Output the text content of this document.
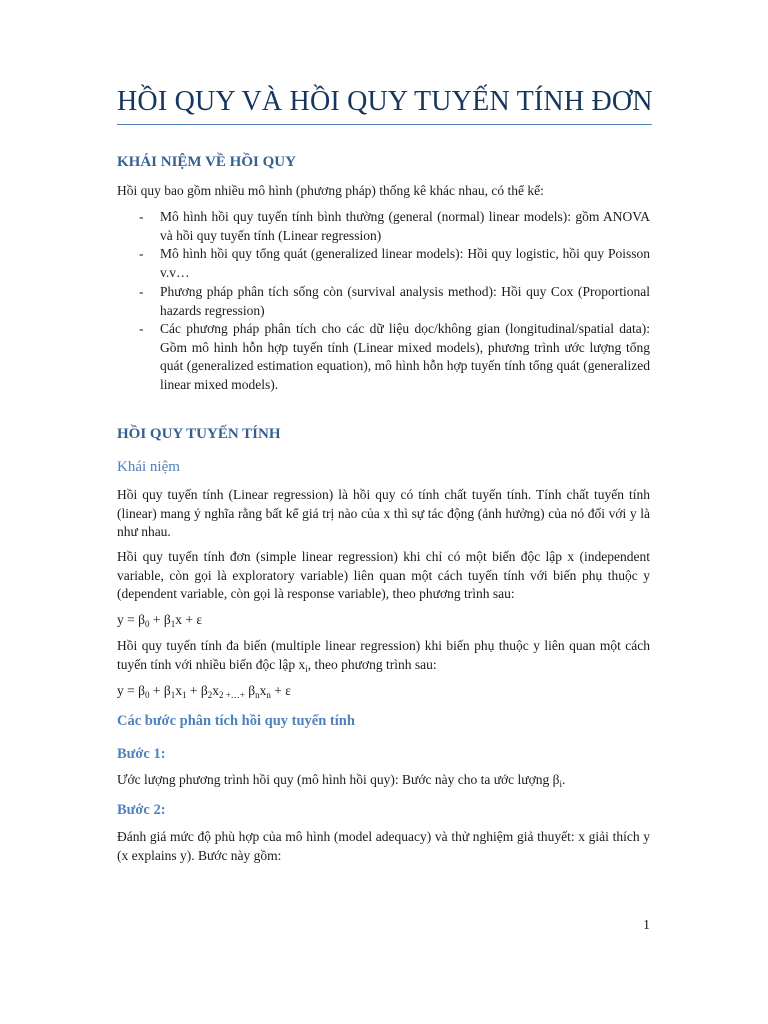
HỒI QUY VÀ HỒI QUY TUYẾN TÍNH ĐƠN
KHÁI NIỆM VỀ HỒI QUY
Hồi quy bao gồm nhiều mô hình (phương pháp) thống kê khác nhau, có thể kể:
-	Mô hình hồi quy tuyến tính bình thường (general (normal) linear models): gồm ANOVA và hồi quy tuyến tính (Linear regression)
-	Mô hình hồi quy tổng quát (generalized linear models): Hồi quy logistic, hồi quy Poisson v.v…
-	Phương pháp phân tích sống còn (survival analysis method): Hồi quy Cox (Proportional hazards regression)
-	Các phương pháp phân tích cho các dữ liệu dọc/không gian (longitudinal/spatial data): Gồm mô hình hỗn hợp tuyến tính (Linear mixed models), phương trình ước lượng tổng quát (generalized estimation equation), mô hình hỗn hợp tuyến tính tổng quát (generalized linear mixed models).
HỒI QUY TUYẾN TÍNH
Khái niệm
Hồi quy tuyến tính (Linear regression) là hồi quy có tính chất tuyến tính. Tính chất tuyến tính (linear) mang ý nghĩa rằng bất kể giá trị nào của x thì sự tác động (ảnh hưởng) của nó đối với y là như nhau.
Hồi quy tuyến tính đơn (simple linear regression) khi chỉ có một biến độc lập x (independent variable, còn gọi là exploratory variable) liên quan một cách tuyến tính với biến phụ thuộc y (dependent variable, còn gọi là response variable), theo phương trình sau:
$y = \beta_0 + \beta_1x + \varepsilon$
Hồi quy tuyến tính đa biến (multiple linear regression) khi biến phụ thuộc y liên quan một cách tuyến tính với nhiều biến độc lập $x_i$, theo phương trình sau:
$y = \beta_0 + \beta_1x_1 + \beta_2x_{2 +\dots+}$ $\beta_nx_n + \varepsilon$
Các bước phân tích hồi quy tuyến tính
Bước 1:
Ước lượng phương trình hồi quy (mô hình hồi quy): Bước này cho ta ước lượng $\beta_i$.
Bước 2:
Đánh giá mức độ phù hợp của mô hình (model adequacy) và thử nghiệm giả thuyết: x giải thích y (x explains y). Bước này gồm:
1
